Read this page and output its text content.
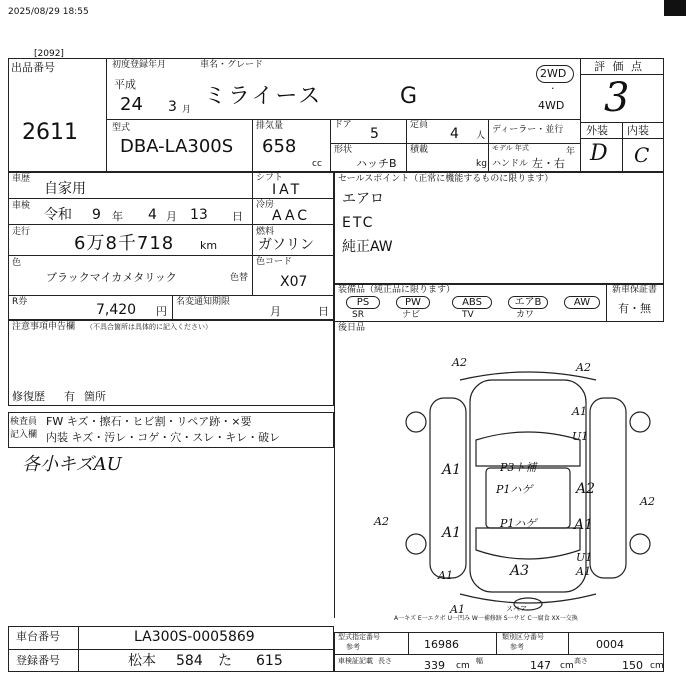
2025/08/29 18:55
[2092]
出品番号
2611
初度登録年月	車名・グレード
平成
24 3 月
ミライース	G
2WD
·
4WD
型式
DBA-LA300S
排気量
658
cc
ドア
5
定員
4 人
ディーラー・並行
形状
ハッチB
積載
kg
モデル 年式	年
ハンドル 左・右
評 価 点
3
外装 内装
D C
車歴
自家用
車検
令和 9 年 4 月 13 日
走行
6万8千718 km
シフト
IAT
冷房
AAC
燃料
ガソリン
色
ブラックマイカメタリック	色替
色コード
X07
R券	7,420 円
名変通知期限
月	日
セールスポイント（正常に機能するものに限ります）
エアロ
ETC
純正AW
装備品（純正品に限ります）
PS
SR
PW
ナビ
ABS
TV
エアB
カワ
AW
新車保証書
有・無
注意事項申告欄 （不具合箇所は具体的に記入ください）
修復歴 有 箇所
検査員
記入欄
FW キズ・擦石・ヒビ割・リペア跡・×要
内装 キズ・汚レ・コゲ・穴・スレ・キレ・破レ
各小キズAU
後日品
A2	A2
A1
U1
A1	P3ト補
P1ハゲ	A2
A2
A2
A1
P1ハゲ	A1
A1	A3	A1
A1
U1
スペア
A一キズ E一エクボ U一凹み W一補修跡 S一サビ C一腐食 XX一交換
車台番号	LA300S-0005869
登録番号	松本 584 た 615
型式指定番号
参考	16986
類別区分番号
参考	0004
車検証記載 長さ	339 cm 幅	147 cm 高さ	150 cm
